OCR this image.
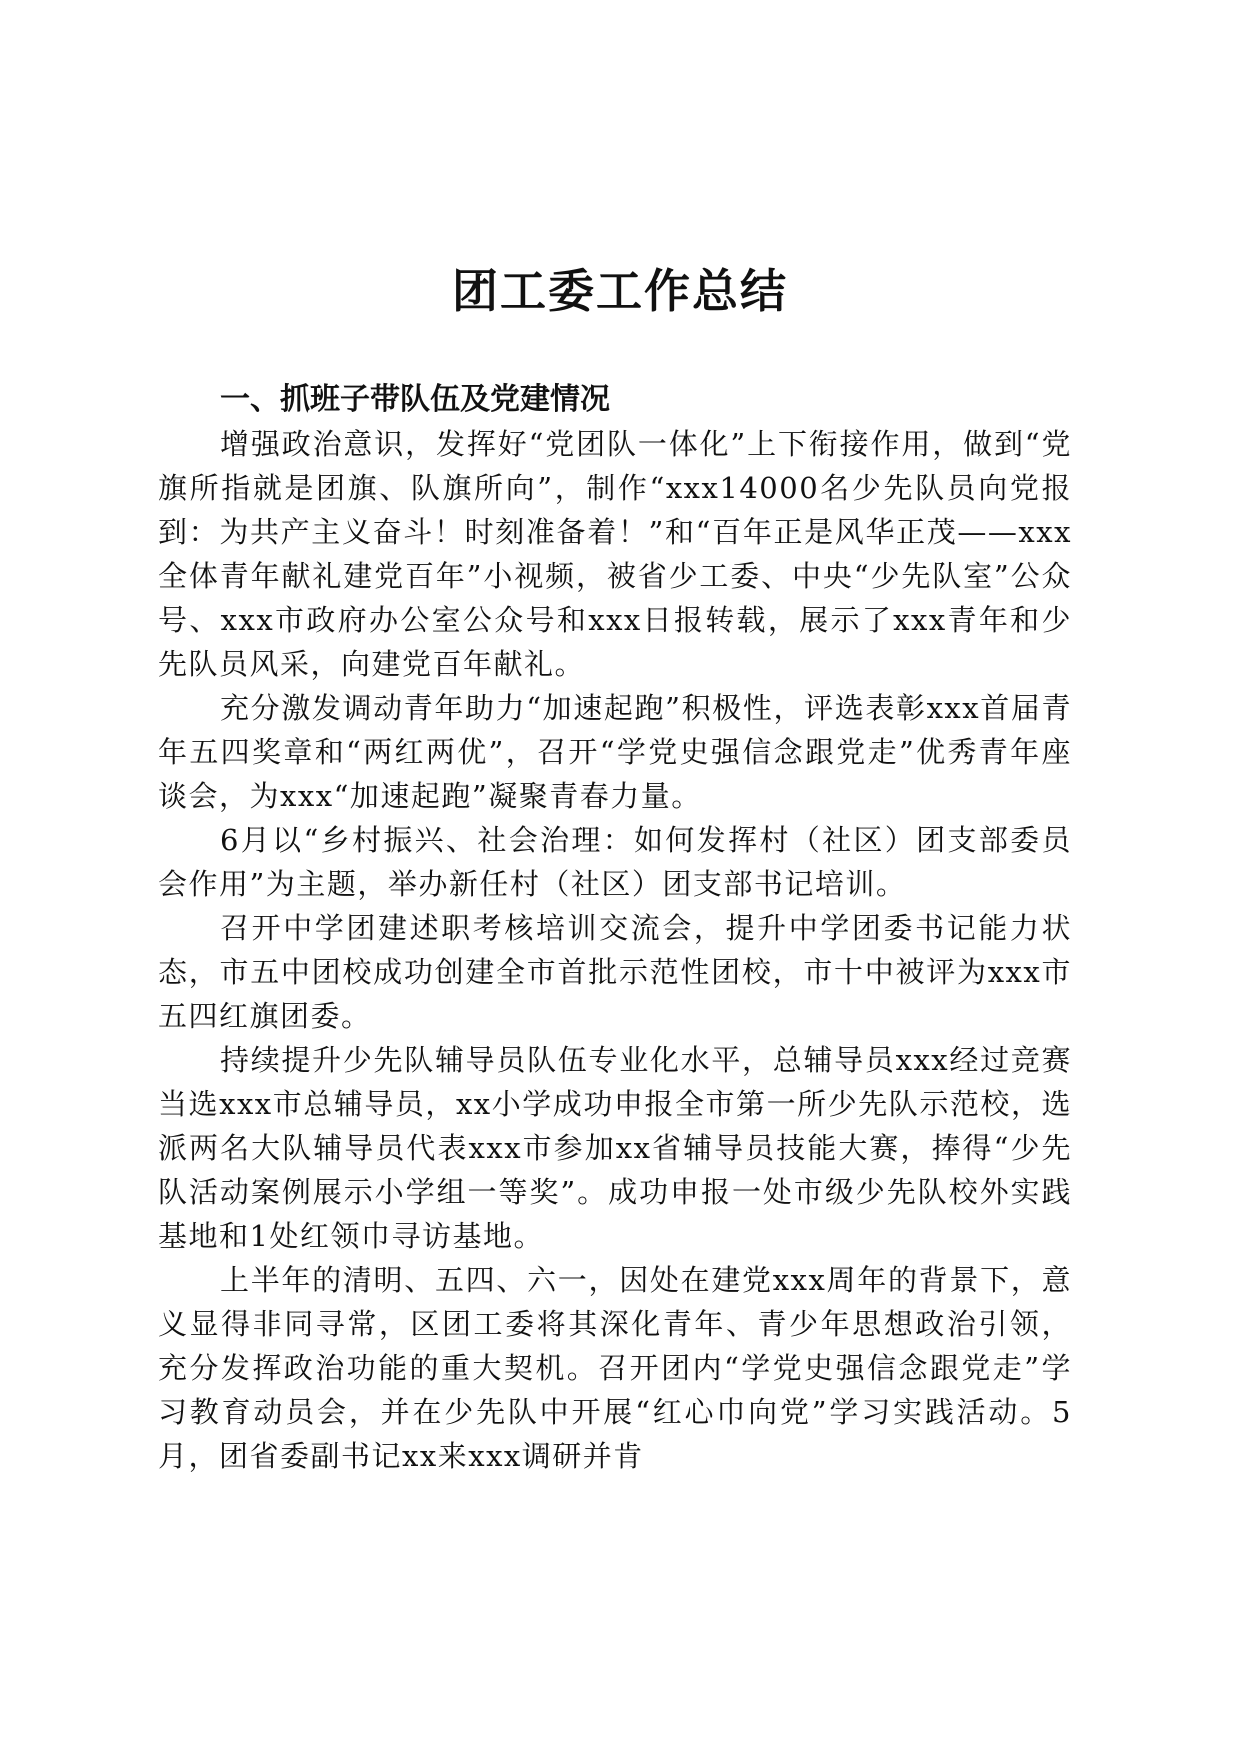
团工委工作总结
一、抓班子带队伍及党建情况

增强政治意识，发挥好“党团队一体化”上下衔接作用，做到“党旗所指就是团旗、队旗所向”，制作“xxx14000名少先队员向党报到：为共产主义奋斗！时刻准备着！”和“百年正是风华正茂——xxx全体青年献礼建党百年”小视频，被省少工委、中央“少先队室”公众号、xxx市政府办公室公众号和xxx日报转载，展示了xxx青年和少先队员风采，向建党百年献礼。

充分激发调动青年助力“加速起跑”积极性，评选表彰xxx首届青年五四奖章和“两红两优”，召开“学党史强信念跟党走”优秀青年座谈会，为xxx“加速起跑”凝聚青春力量。

6月以“乡村振兴、社会治理：如何发挥村（社区）团支部委员会作用”为主题，举办新任村（社区）团支部书记培训。

召开中学团建述职考核培训交流会，提升中学团委书记能力状态，市五中团校成功创建全市首批示范性团校，市十中被评为xxx市五四红旗团委。

持续提升少先队辅导员队伍专业化水平，总辅导员xxx经过竞赛当选xxx市总辅导员，xx小学成功申报全市第一所少先队示范校，选派两名大队辅导员代表xxx市参加xx省辅导员技能大赛，捧得“少先队活动案例展示小学组一等奖”。成功申报一处市级少先队校外实践基地和1处红领巾寻访基地。

上半年的清明、五四、六一，因处在建党xxx周年的背景下，意义显得非同寻常，区团工委将其深化青年、青少年思想政治引领，充分发挥政治功能的重大契机。召开团内“学党史强信念跟党走”学习教育动员会，并在少先队中开展“红心巾向党”学习实践活动。5月，团省委副书记xx来xxx调研并肯
